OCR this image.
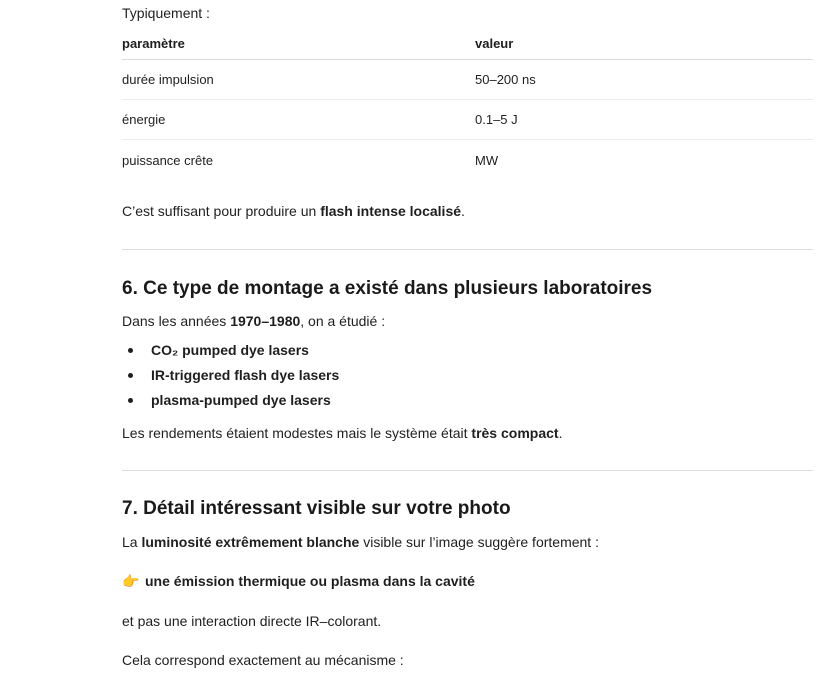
Typiquement :
paramètre	valeur
durée impulsion	50–200 ns
énergie	0.1–5 J
puissance crête	MW
C’est suffisant pour produire un flash intense localisé.
6. Ce type de montage a existé dans plusieurs laboratoires
Dans les années 1970–1980, on a étudié :
CO₂ pumped dye lasers
IR-triggered flash dye lasers
plasma-pumped dye lasers
Les rendements étaient modestes mais le système était très compact.
7. Détail intéressant visible sur votre photo
La luminosité extrêmement blanche visible sur l’image suggère fortement :
👉 une émission thermique ou plasma dans la cavité
et pas une interaction directe IR–colorant.
Cela correspond exactement au mécanisme :
